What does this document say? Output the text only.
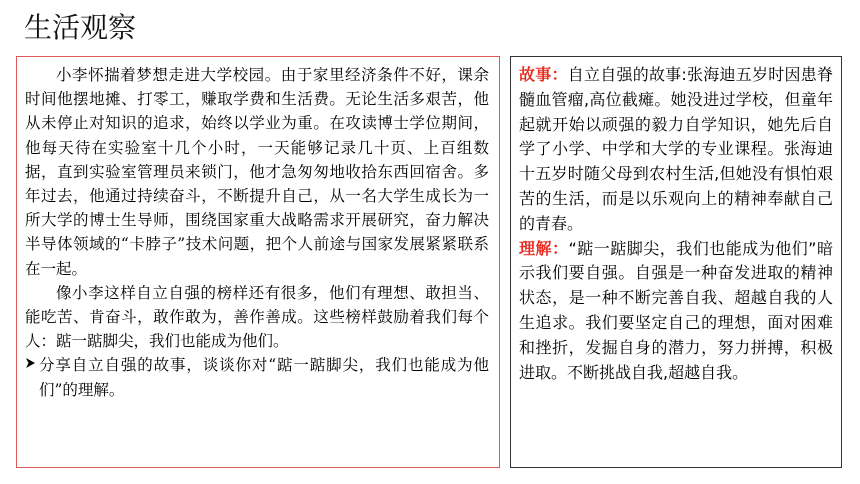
生活观察

小李怀揣着梦想走进大学校园。由于家里经济条件不好，课余时间他摆地摊、打零工，赚取学费和生活费。无论生活多艰苦，他从未停止对知识的追求，始终以学业为重。在攻读博士学位期间，他每天待在实验室十几个小时，一天能够记录几十页、上百组数据，直到实验室管理员来锁门，他才急匆匆地收拾东西回宿舍。多年过去，他通过持续奋斗，不断提升自己，从一名大学生成长为一所大学的博士生导师，围绕国家重大战略需求开展研究，奋力解决半导体领域的“卡脖子”技术问题，把个人前途与国家发展紧紧联系在一起。

像小李这样自立自强的榜样还有很多，他们有理想、敢担当、能吃苦、肯奋斗，敢作敢为，善作善成。这些榜样鼓励着我们每个人：踮一踮脚尖，我们也能成为他们。

分享自立自强的故事，谈谈你对“踮一踮脚尖，我们也能成为他们”的理解。

故事：自立自强的故事:张海迪五岁时因患脊髓血管瘤,高位截瘫。她没进过学校，但童年起就开始以顽强的毅力自学知识，她先后自学了小学、中学和大学的专业课程。张海迪十五岁时随父母到农村生活,但她没有惧怕艰苦的生活，而是以乐观向上的精神奉献自己的青春。

理解：“踮一踮脚尖，我们也能成为他们”暗示我们要自强。自强是一种奋发进取的精神状态，是一种不断完善自我、超越自我的人生追求。我们要坚定自己的理想，面对困难和挫折，发掘自身的潜力，努力拼搏，积极进取。不断挑战自我,超越自我。
